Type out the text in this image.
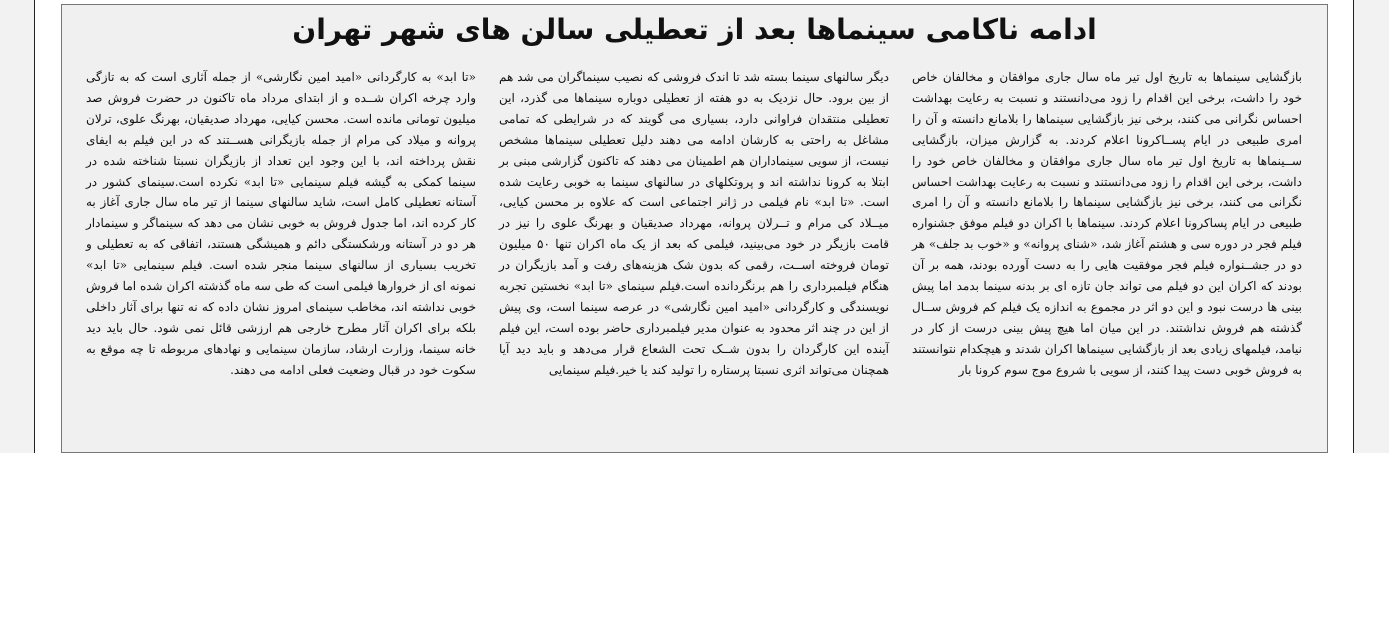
ادامه ناکامی سینماها بعد از تعطیلی سالن های شهر تهران
بازگشایی سینماها به تاریخ اول تیر ماه سال جاری موافقان و مخالفان خاص خود را داشت، برخی این اقدام را زود می‌دانستند و نسبت به رعایت بهداشت احساس نگرانی می کنند، برخی نیز بازگشایی سینماها را بلامانع دانسته و آن را امری طبیعی در ایام پســاکرونا اعلام کردند. به گزارش میزان، بازگشایی ســینماها به تاریخ اول تیر ماه سال جاری موافقان و مخالفان خاص خود را داشت، برخی این اقدام را زود می‌دانستند و نسبت به رعایت بهداشت احساس نگرانی می کنند، برخی نیز بازگشایی سینماها را بلامانع دانسته و آن را امری طبیعی در ایام پساکرونا اعلام کردند. سینماها با اکران دو فیلم موفق جشنواره فیلم فجر در دوره سی و هشتم آغاز شد، «شنای پروانه» و «خوب بد جلف» هر دو در جشــنواره فیلم فجر موفقیت هایی را به دست آورده بودند، همه بر آن بودند که اکران این دو فیلم می تواند جان تازه ای بر بدنه سینما بدمد اما پیش بینی ها درست نبود و این دو اثر در مجموع به اندازه یک فیلم کم فروش ســال گذشته هم فروش نداشتند. در این میان اما هیچ پیش بینی درست از کار در نیامد، فیلمهای زیادی بعد از بازگشایی سینماها اکران شدند و هیچکدام نتوانستند به فروش خوبی دست پیدا کنند، از سویی با شروع موج سوم کرونا بار
دیگر سالنهای سینما بسته شد تا اندک فروشی که نصیب سینماگران می شد هم از بین برود. حال نزدیک به دو هفته از تعطیلی دوباره سینماها می گذرد، این تعطیلی منتقدان فراوانی دارد، بسیاری می گویند که در شرایطی که تمامی مشاغل به راحتی به کارشان ادامه می دهند دلیل تعطیلی سینماها مشخص نیست، از سویی سینماداران هم اطمینان می دهند که تاکنون گزارشی مبنی بر ابتلا به کرونا نداشته اند و پروتکلهای در سالنهای سینما به خوبی رعایت شده است. «تا ابد» نام فیلمی در ژانر اجتماعی است که علاوه بر محسن کیایی، میــلاد کی مرام و تــرلان پروانه، مهرداد صدیقیان و بهرنگ علوی را نیز در قامت بازیگر در خود می‌بینید، فیلمی که بعد از یک ماه اکران تنها ۵۰ میلیون تومان فروخته اســت، رقمی که بدون شک هزینه‌های رفت و آمد بازیگران در هنگام فیلمبرداری را هم برنگردانده است.فیلم سینمای «تا ابد» نخستین تجربه نویسندگی و کارگردانی «امید امین نگارشی» در عرصه سینما است، وی پیش از این در چند اثر محدود به عنوان مدیر فیلمبرداری حاضر بوده است، این فیلم آینده این کارگردان را بدون شــک تحت الشعاع قرار می‌دهد و باید دید آیا همچنان می‌تواند اثری نسبتا پرستاره را تولید کند یا خیر.فیلم سینمایی
«تا ابد» به کارگردانی «امید امین نگارشی» از جمله آثاری است که به تازگی وارد چرخه اکران شــده و از ابتدای مرداد ماه تاکنون در حضرت فروش صد میلیون تومانی مانده است. محسن کیایی، مهرداد صدیقیان، بهرنگ علوی، ترلان پروانه و میلاد کی مرام از جمله بازیگرانی هســتند که در این فیلم به ایفای نقش پرداخته اند، با این وجود این تعداد از بازیگران نسبتا شناخته شده در سینما کمکی به گیشه فیلم سینمایی «تا ابد» نکرده است.سینمای کشور در آستانه تعطیلی کامل است، شاید سالنهای سینما از تیر ماه سال جاری آغاز به کار کرده اند، اما جدول فروش به خوبی نشان می دهد که سینماگر و سینمادار هر دو در آستانه ورشکستگی دائم و همیشگی هستند، اتفاقی که به تعطیلی و تخریب بسیاری از سالنهای سینما منجر شده است. فیلم سینمایی «تا ابد» نمونه ای از خروارها فیلمی است که طی سه ماه گذشته اکران شده اما فروش خوبی نداشته اند، مخاطب سینمای امروز نشان داده که نه تنها برای آثار داخلی بلکه برای اکران آثار مطرح خارجی هم ارزشی قائل نمی شود. حال باید دید خانه سینما، وزارت ارشاد، سازمان سینمایی و نهادهای مربوطه تا چه موقع به سکوت خود در قبال وضعیت فعلی ادامه می دهند.
